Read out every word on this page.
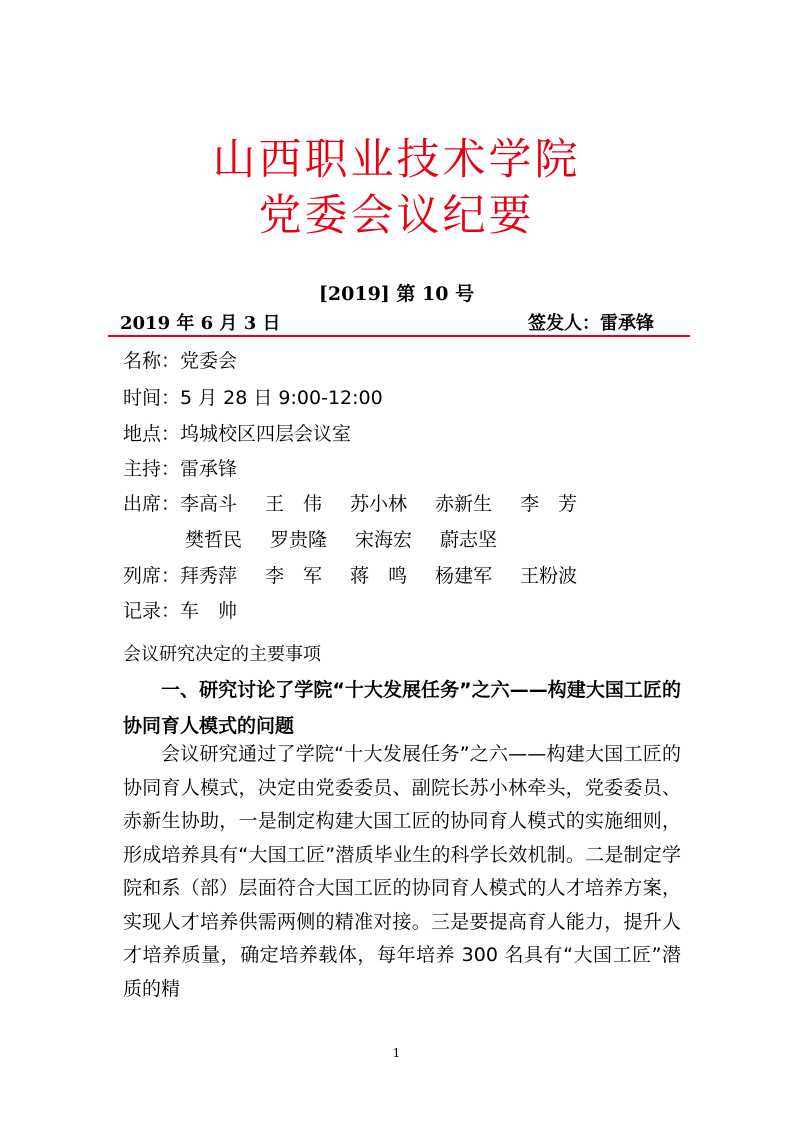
山西职业技术学院
党委会议纪要
[2019] 第 10 号
2019 年 6 月 3 日	签发人：雷承锋
名称：党委会
时间：5 月 28 日 9:00-12:00
地点：坞城校区四层会议室
主持：雷承锋
出席：李高斗 王　伟 苏小林 赤新生 李　芳
樊哲民 罗贵隆 宋海宏 蔚志坚
列席：拜秀萍 李　军 蒋　鸣 杨建军 王粉波
记录：车　帅
会议研究决定的主要事项
一、研究讨论了学院“十大发展任务”之六——构建大国工匠的协同育人模式的问题
会议研究通过了学院“十大发展任务”之六——构建大国工匠的协同育人模式，决定由党委委员、副院长苏小林牵头，党委委员、赤新生协助，一是制定构建大国工匠的协同育人模式的实施细则，形成培养具有“大国工匠”潜质毕业生的科学长效机制。二是制定学院和系（部）层面符合大国工匠的协同育人模式的人才培养方案，实现人才培养供需两侧的精准对接。三是要提高育人能力，提升人才培养质量，确定培养载体，每年培养 300 名具有“大国工匠”潜质的精
1
